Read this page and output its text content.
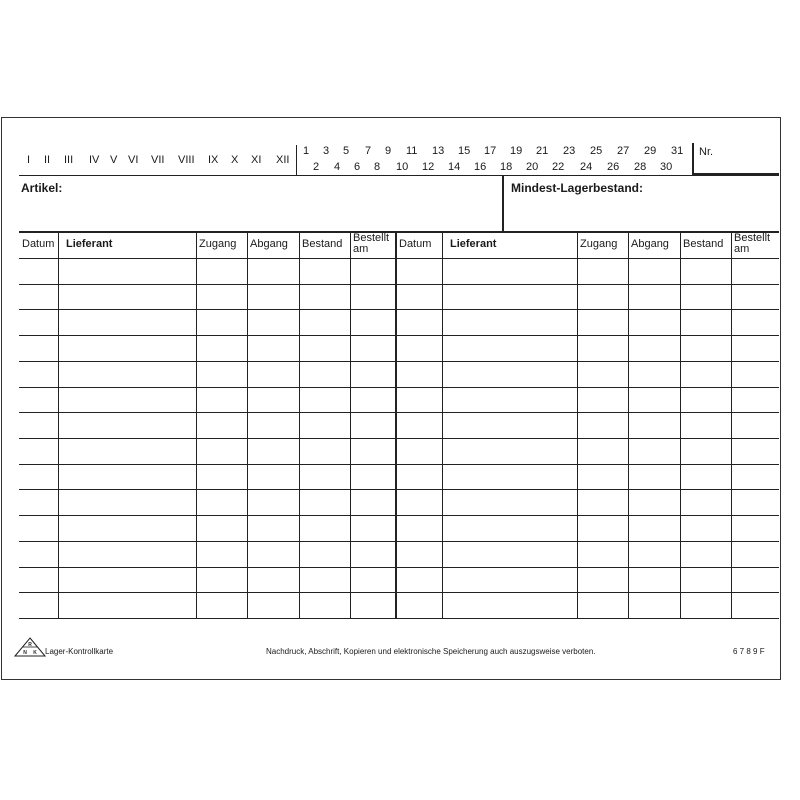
I II III IV V VI VII VIII IX X XI XII
1 3 5 7 9 11 13 15 17 19 21 23 25 27 29 31
2 4 6 8 10 12 14 16 18 20 22 24 26 28 30
Nr.
Artikel:	Mindest-Lagerbestand:
Datum Lieferant	Zugang Abgang Bestand Bestellt am	Datum Lieferant	Zugang Abgang Bestand Bestellt am
R
N K Lager-Kontrollkarte	Nachdruck, Abschrift, Kopieren und elektronische Speicherung auch auszugsweise verboten.	6 7 8 9 F
